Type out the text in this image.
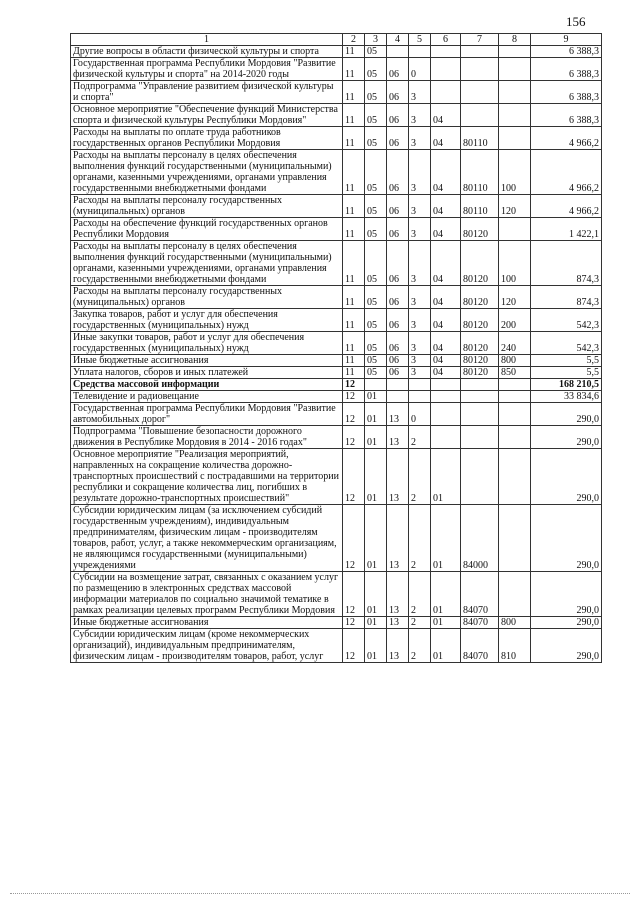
156
1	2	3	4	5	6	7	8	9
Другие вопросы в области физической культуры и спорта	11	05						6 388,3
Государственная программа Республики Мордовия "Развитие физической культуры и спорта" на 2014-2020 годы	11	05	06	0				6 388,3
Подпрограмма "Управление развитием физической культуры и спорта"	11	05	06	3				6 388,3
Основное мероприятие "Обеспечение функций Министерства спорта и физической культуры Республики Мордовия"	11	05	06	3	04			6 388,3
Расходы на выплаты по оплате труда работников государственных органов Республики Мордовия	11	05	06	3	04	80110		4 966,2
Расходы на выплаты персоналу в целях обеспечения выполнения функций государственными (муниципальными) органами, казенными учреждениями, органами управления государственными внебюджетными фондами	11	05	06	3	04	80110	100	4 966,2
Расходы на выплаты персоналу государственных (муниципальных) органов	11	05	06	3	04	80110	120	4 966,2
Расходы на обеспечение функций государственных органов Республики Мордовия	11	05	06	3	04	80120		1 422,1
Расходы на выплаты персоналу в целях обеспечения выполнения функций государственными (муниципальными) органами, казенными учреждениями, органами управления государственными внебюджетными фондами	11	05	06	3	04	80120	100	874,3
Расходы на выплаты персоналу государственных (муниципальных) органов	11	05	06	3	04	80120	120	874,3
Закупка товаров, работ и услуг для обеспечения государственных (муниципальных) нужд	11	05	06	3	04	80120	200	542,3
Иные закупки товаров, работ и услуг для обеспечения государственных (муниципальных) нужд	11	05	06	3	04	80120	240	542,3
Иные бюджетные ассигнования	11	05	06	3	04	80120	800	5,5
Уплата налогов, сборов и иных платежей	11	05	06	3	04	80120	850	5,5
Средства массовой информации	12							168 210,5
Телевидение и радиовещание	12	01						33 834,6
Государственная программа Республики Мордовия "Развитие автомобильных дорог"	12	01	13	0				290,0
Подпрограмма "Повышение безопасности дорожного движения в Республике Мордовия в 2014 - 2016 годах"	12	01	13	2				290,0
Основное мероприятие "Реализация мероприятий, направленных на сокращение количества дорожно-транспортных происшествий с пострадавшими на территории республики и сокращение количества лиц, погибших в результате дорожно-транспортных происшествий"	12	01	13	2	01			290,0
Субсидии юридическим лицам (за исключением субсидий государственным учреждениям), индивидуальным предпринимателям, физическим лицам - производителям товаров, работ, услуг, а также некоммерческим организациям, не являющимся государственными (муниципальными) учреждениями	12	01	13	2	01	84000		290,0
Субсидии на возмещение затрат, связанных с оказанием услуг по размещению в электронных средствах массовой информации материалов по социально значимой тематике в рамках реализации целевых программ Республики Мордовия	12	01	13	2	01	84070		290,0
Иные бюджетные ассигнования	12	01	13	2	01	84070	800	290,0
Субсидии юридическим лицам (кроме некоммерческих организаций), индивидуальным предпринимателям, физическим лицам - производителям товаров, работ, услуг	12	01	13	2	01	84070	810	290,0
